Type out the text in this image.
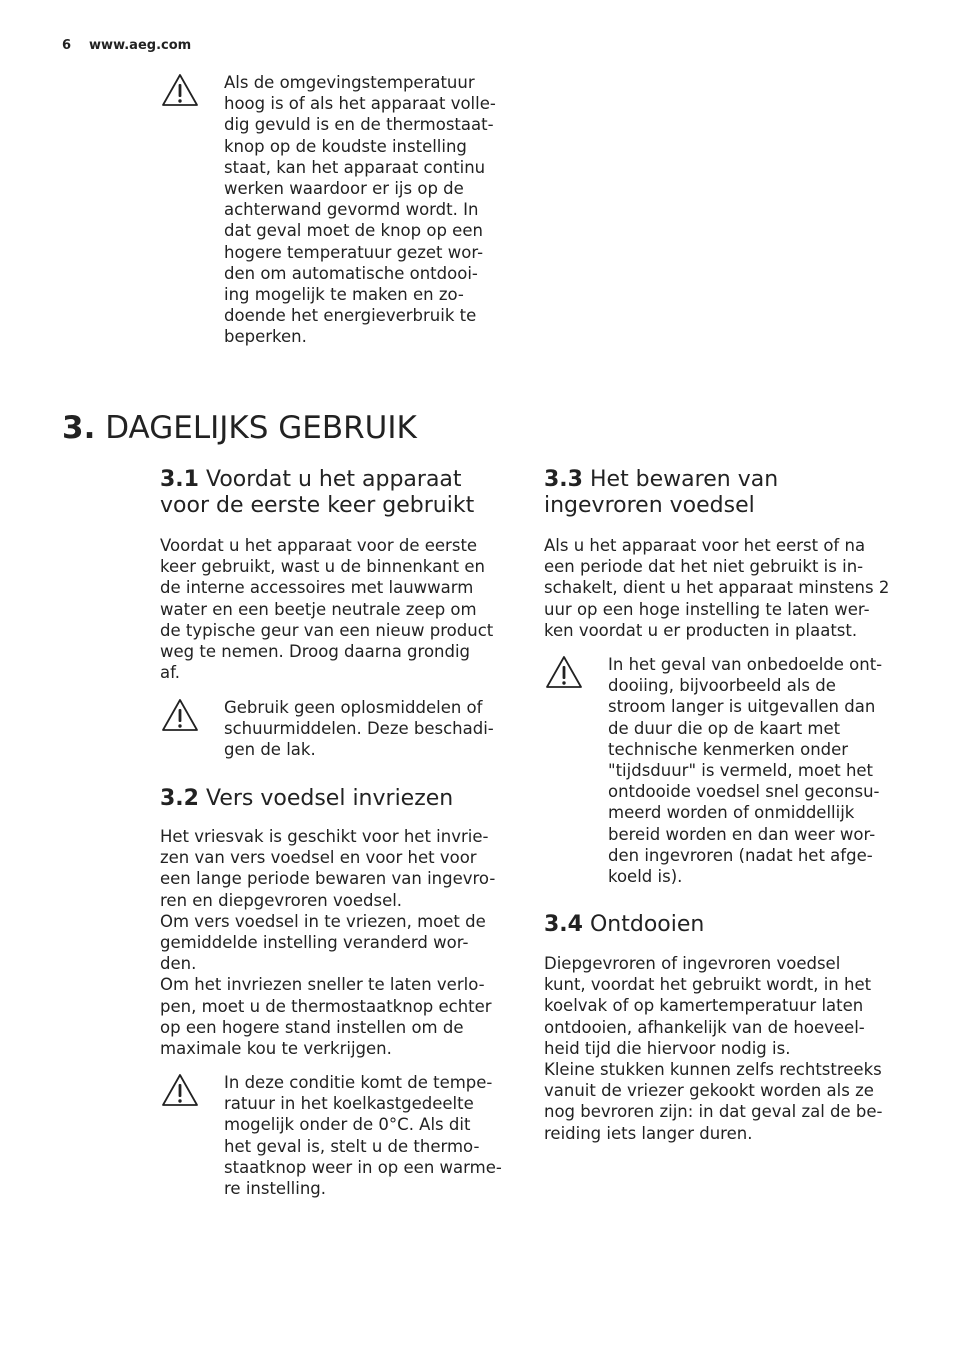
6 www.aeg.com
Als de omgevingstemperatuur
hoog is of als het apparaat volle-
dig gevuld is en de thermostaat-
knop op de koudste instelling
staat, kan het apparaat continu
werken waardoor er ijs op de
achterwand gevormd wordt. In
dat geval moet de knop op een
hogere temperatuur gezet wor-
den om automatische ontdooi-
ing mogelijk te maken en zo-
doende het energieverbruik te
beperken.
3. DAGELIJKS GEBRUIK
3.1 Voordat u het apparaat
voor de eerste keer gebruikt
Voordat u het apparaat voor de eerste
keer gebruikt, wast u de binnenkant en
de interne accessoires met lauwwarm
water en een beetje neutrale zeep om
de typische geur van een nieuw product
weg te nemen. Droog daarna grondig
af.
Gebruik geen oplosmiddelen of
schuurmiddelen. Deze beschadi-
gen de lak.
3.2 Vers voedsel invriezen
Het vriesvak is geschikt voor het invrie-
zen van vers voedsel en voor het voor
een lange periode bewaren van ingevro-
ren en diepgevroren voedsel.
Om vers voedsel in te vriezen, moet de
gemiddelde instelling veranderd wor-
den.
Om het invriezen sneller te laten verlo-
pen, moet u de thermostaatknop echter
op een hogere stand instellen om de
maximale kou te verkrijgen.
In deze conditie komt de tempe-
ratuur in het koelkastgedeelte
mogelijk onder de 0°C. Als dit
het geval is, stelt u de thermo-
staatknop weer in op een warme-
re instelling.
3.3 Het bewaren van
ingevroren voedsel
Als u het apparaat voor het eerst of na
een periode dat het niet gebruikt is in-
schakelt, dient u het apparaat minstens 2
uur op een hoge instelling te laten wer-
ken voordat u er producten in plaatst.
In het geval van onbedoelde ont-
dooiing, bijvoorbeeld als de
stroom langer is uitgevallen dan
de duur die op de kaart met
technische kenmerken onder
"tijdsduur" is vermeld, moet het
ontdooide voedsel snel geconsu-
meerd worden of onmiddellijk
bereid worden en dan weer wor-
den ingevroren (nadat het afge-
koeld is).
3.4 Ontdooien
Diepgevroren of ingevroren voedsel
kunt, voordat het gebruikt wordt, in het
koelvak of op kamertemperatuur laten
ontdooien, afhankelijk van de hoeveel-
heid tijd die hiervoor nodig is.
Kleine stukken kunnen zelfs rechtstreeks
vanuit de vriezer gekookt worden als ze
nog bevroren zijn: in dat geval zal de be-
reiding iets langer duren.
